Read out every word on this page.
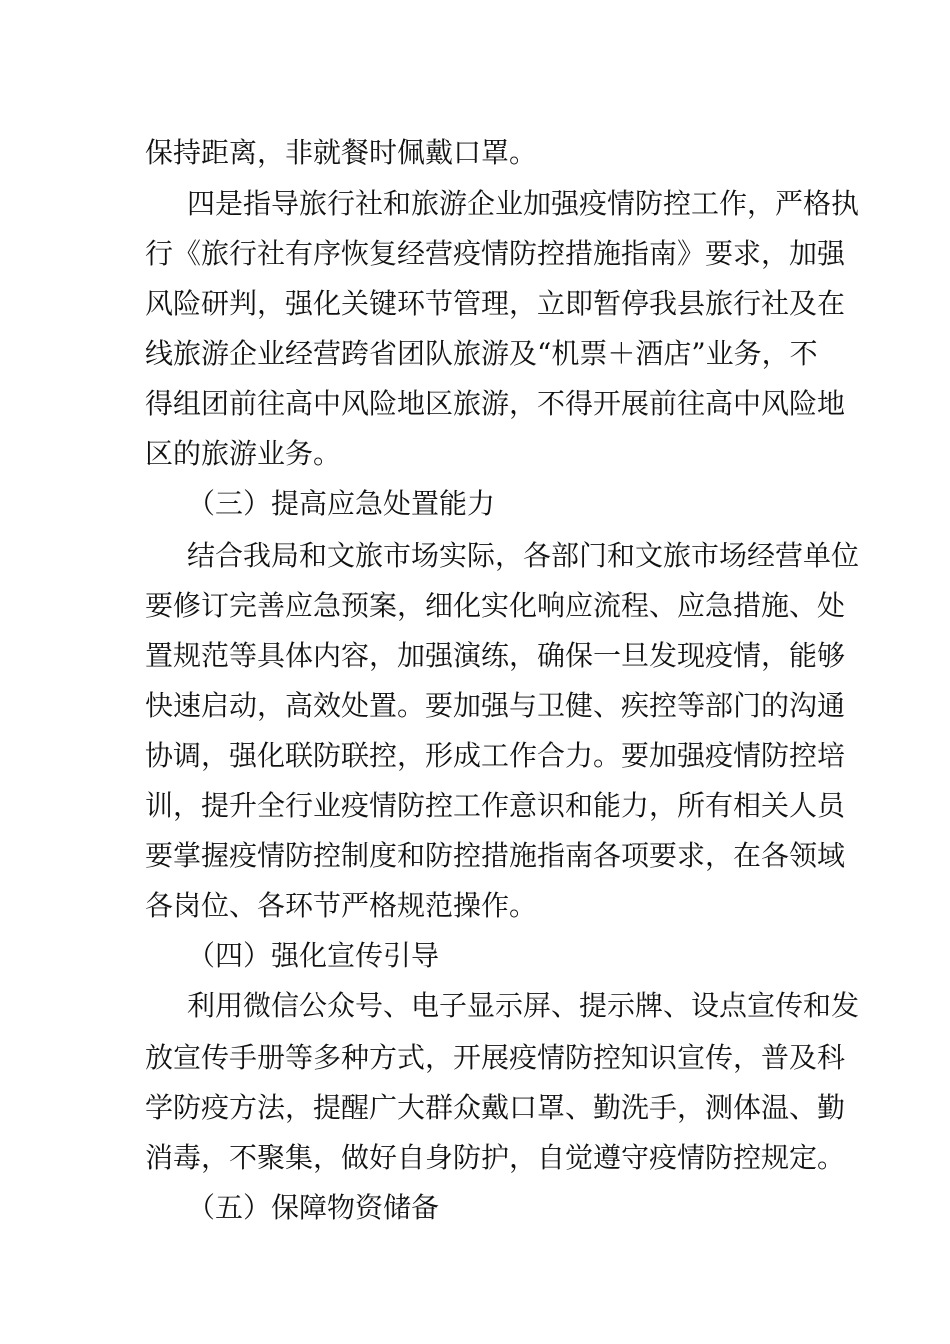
保持距离，非就餐时佩戴口罩。
四是指导旅行社和旅游企业加强疫情防控工作，严格执
行《旅行社有序恢复经营疫情防控措施指南》要求，加强
风险研判，强化关键环节管理，立即暂停我县旅行社及在
线旅游企业经营跨省团队旅游及“机票＋酒店”业务，不
得组团前往高中风险地区旅游，不得开展前往高中风险地
区的旅游业务。
（三）提高应急处置能力
结合我局和文旅市场实际，各部门和文旅市场经营单位
要修订完善应急预案，细化实化响应流程、应急措施、处
置规范等具体内容，加强演练，确保一旦发现疫情，能够
快速启动，高效处置。要加强与卫健、疾控等部门的沟通
协调，强化联防联控，形成工作合力。要加强疫情防控培
训，提升全行业疫情防控工作意识和能力，所有相关人员
要掌握疫情防控制度和防控措施指南各项要求，在各领域
各岗位、各环节严格规范操作。
（四）强化宣传引导
利用微信公众号、电子显示屏、提示牌、设点宣传和发
放宣传手册等多种方式，开展疫情防控知识宣传，普及科
学防疫方法，提醒广大群众戴口罩、勤洗手，测体温、勤
消毒，不聚集，做好自身防护，自觉遵守疫情防控规定。
（五）保障物资储备
